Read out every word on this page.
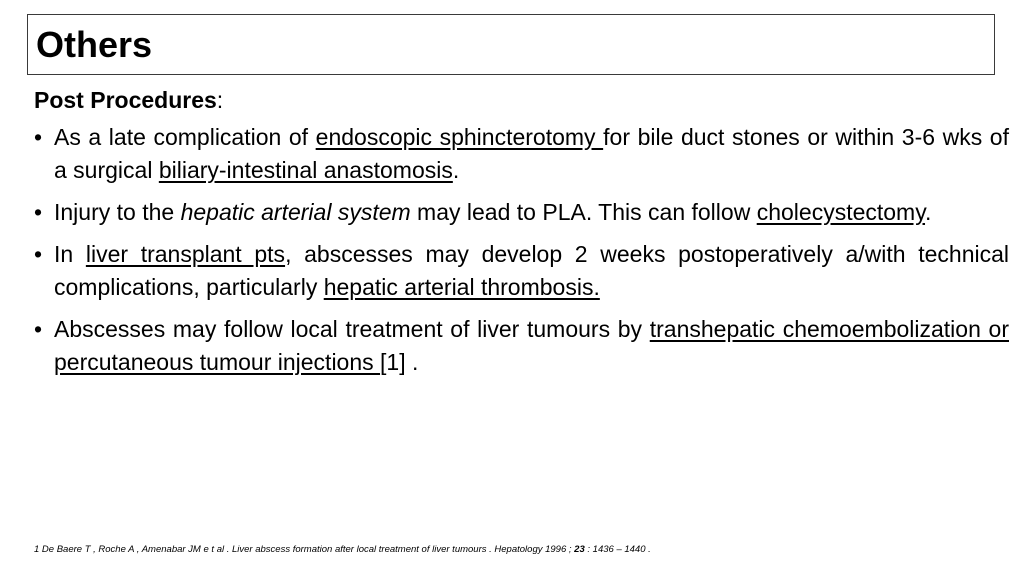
Others
Post Procedures:
• As a late complication of endoscopic sphincterotomy for bile duct stones or within 3-6 wks of a surgical biliary-intestinal anastomosis.
• Injury to the hepatic arterial system may lead to PLA. This can follow cholecystectomy.
• In liver transplant pts, abscesses may develop 2 weeks postoperatively a/with technical complications, particularly hepatic arterial thrombosis.
• Abscesses may follow local treatment of liver tumours by transhepatic chemoembolization or percutaneous tumour injections [1] .
1 De Baere T , Roche A , Amenabar JM e t al . Liver abscess formation after local treatment of liver tumours . Hepatology 1996 ; 23 : 1436 – 1440 .
